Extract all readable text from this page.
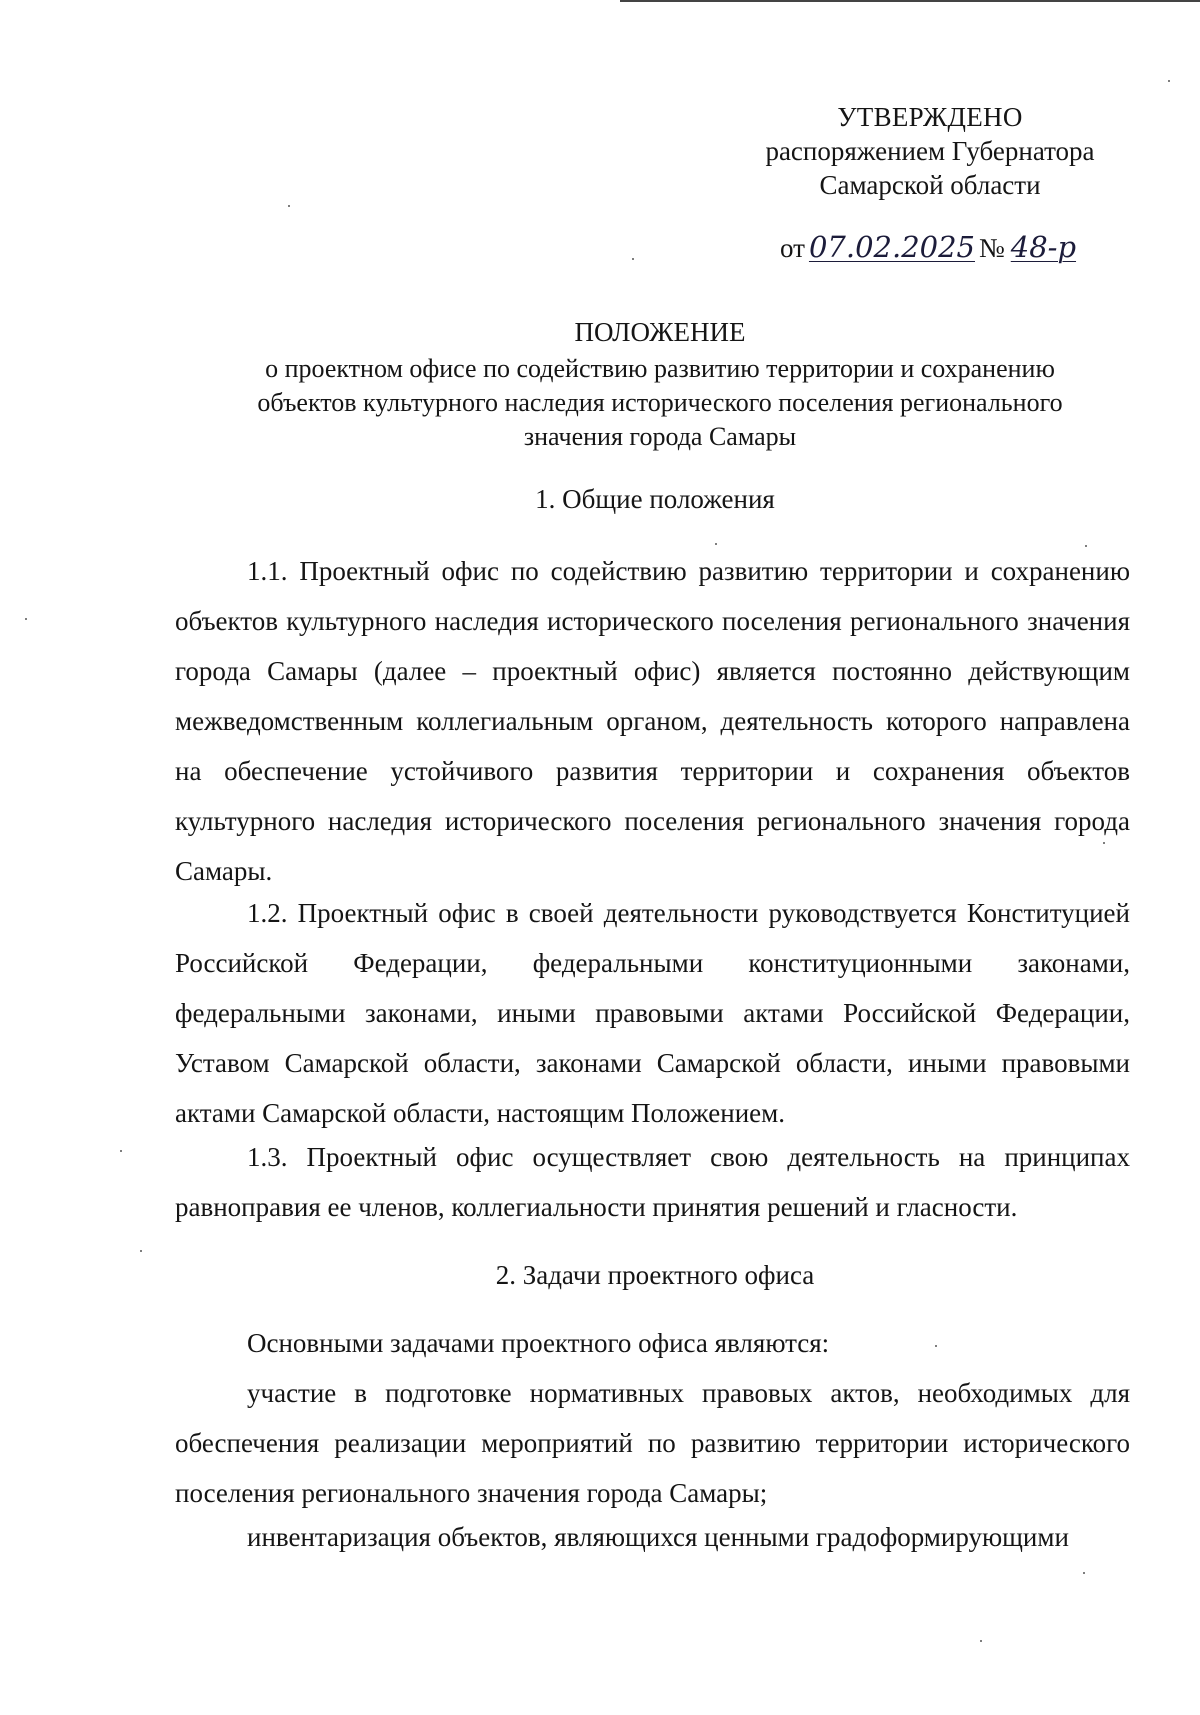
УТВЕРЖДЕНО
распоряжением Губернатора
Самарской области
от 07.02.2025 № 48-р
ПОЛОЖЕНИЕ
о проектном офисе по содействию развитию территории и сохранению
объектов культурного наследия исторического поселения регионального
значения города Самары
1. Общие положения
1.1. Проектный офис по содействию развитию территории и сохранению объектов культурного наследия исторического поселения регионального значения города Самары (далее – проектный офис) является постоянно действующим межведомственным коллегиальным органом, деятельность которого направлена на обеспечение устойчивого развития территории и сохранения объектов культурного наследия исторического поселения регионального значения города Самары.
1.2. Проектный офис в своей деятельности руководствуется Конституцией Российской Федерации, федеральными конституционными законами, федеральными законами, иными правовыми актами Российской Федерации, Уставом Самарской области, законами Самарской области, иными правовыми актами Самарской области, настоящим Положением.
1.3. Проектный офис осуществляет свою деятельность на принципах равноправия ее членов, коллегиальности принятия решений и гласности.
2. Задачи проектного офиса
Основными задачами проектного офиса являются:
участие в подготовке нормативных правовых актов, необходимых для обеспечения реализации мероприятий по развитию территории исторического поселения регионального значения города Самары;
инвентаризация объектов, являющихся ценными градоформирующими
